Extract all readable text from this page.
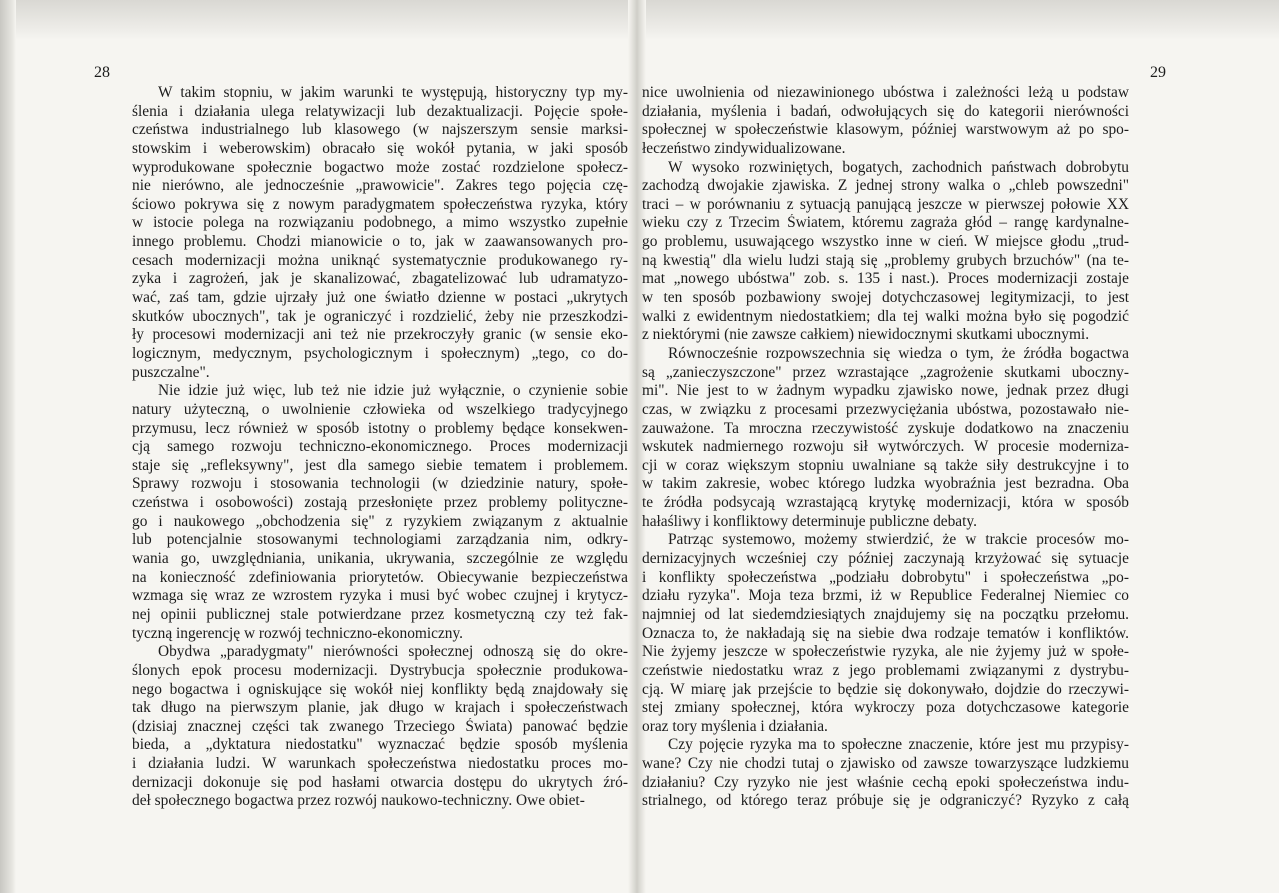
28	29
W takim stopniu, w jakim warunki te występują, historyczny typ my-
ślenia i działania ulega relatywizacji lub dezaktualizacji. Pojęcie społe-
czeństwa industrialnego lub klasowego (w najszerszym sensie marksi-
stowskim i weberowskim) obracało się wokół pytania, w jaki sposób
wyprodukowane społecznie bogactwo może zostać rozdzielone społecz-
nie nierówno, ale jednocześnie „prawowicie". Zakres tego pojęcia czę-
ściowo pokrywa się z nowym paradygmatem społeczeństwa ryzyka, który
w istocie polega na rozwiązaniu podobnego, a mimo wszystko zupełnie
innego problemu. Chodzi mianowicie o to, jak w zaawansowanych pro-
cesach modernizacji można uniknąć systematycznie produkowanego ry-
zyka i zagrożeń, jak je skanalizować, zbagatelizować lub udramatyzo-
wać, zaś tam, gdzie ujrzały już one światło dzienne w postaci „ukrytych
skutków ubocznych", tak je ograniczyć i rozdzielić, żeby nie przeszkodzi-
ły procesowi modernizacji ani też nie przekroczyły granic (w sensie eko-
logicznym, medycznym, psychologicznym i społecznym) „tego, co do-
puszczalne".
Nie idzie już więc, lub też nie idzie już wyłącznie, o czynienie sobie
natury użyteczną, o uwolnienie człowieka od wszelkiego tradycyjnego
przymusu, lecz również w sposób istotny o problemy będące konsekwen-
cją samego rozwoju techniczno-ekonomicznego. Proces modernizacji
staje się „refleksywny", jest dla samego siebie tematem i problemem.
Sprawy rozwoju i stosowania technologii (w dziedzinie natury, społe-
czeństwa i osobowości) zostają przesłonięte przez problemy polityczne-
go i naukowego „obchodzenia się" z ryzykiem związanym z aktualnie
lub potencjalnie stosowanymi technologiami zarządzania nim, odkry-
wania go, uwzględniania, unikania, ukrywania, szczególnie ze względu
na konieczność zdefiniowania priorytetów. Obiecywanie bezpieczeństwa
wzmaga się wraz ze wzrostem ryzyka i musi być wobec czujnej i krytycz-
nej opinii publicznej stale potwierdzane przez kosmetyczną czy też fak-
tyczną ingerencję w rozwój techniczno-ekonomiczny.
Obydwa „paradygmaty" nierówności społecznej odnoszą się do okre-
ślonych epok procesu modernizacji. Dystrybucja społecznie produkowa-
nego bogactwa i ogniskujące się wokół niej konflikty będą znajdowały się
tak długo na pierwszym planie, jak długo w krajach i społeczeństwach
(dzisiaj znacznej części tak zwanego Trzeciego Świata) panować będzie
bieda, a „dyktatura niedostatku" wyznaczać będzie sposób myślenia
i działania ludzi. W warunkach społeczeństwa niedostatku proces mo-
dernizacji dokonuje się pod hasłami otwarcia dostępu do ukrytych źró-
deł społecznego bogactwa przez rozwój naukowo-techniczny. Owe obiet-
nice uwolnienia od niezawinionego ubóstwa i zależności leżą u podstaw
działania, myślenia i badań, odwołujących się do kategorii nierówności
społecznej w społeczeństwie klasowym, później warstwowym aż po spo-
łeczeństwo zindywidualizowane.
W wysoko rozwiniętych, bogatych, zachodnich państwach dobrobytu
zachodzą dwojakie zjawiska. Z jednej strony walka o „chleb powszedni"
traci – w porównaniu z sytuacją panującą jeszcze w pierwszej połowie XX
wieku czy z Trzecim Światem, któremu zagraża głód – rangę kardynalne-
go problemu, usuwającego wszystko inne w cień. W miejsce głodu „trud-
ną kwestią" dla wielu ludzi stają się „problemy grubych brzuchów" (na te-
mat „nowego ubóstwa" zob. s. 135 i nast.). Proces modernizacji zostaje
w ten sposób pozbawiony swojej dotychczasowej legitymizacji, to jest
walki z ewidentnym niedostatkiem; dla tej walki można było się pogodzić
z niektórymi (nie zawsze całkiem) niewidocznymi skutkami ubocznymi.
Równocześnie rozpowszechnia się wiedza o tym, że źródła bogactwa
są „zanieczyszczone" przez wzrastające „zagrożenie skutkami uboczny-
mi". Nie jest to w żadnym wypadku zjawisko nowe, jednak przez długi
czas, w związku z procesami przezwyciężania ubóstwa, pozostawało nie-
zauważone. Ta mroczna rzeczywistość zyskuje dodatkowo na znaczeniu
wskutek nadmiernego rozwoju sił wytwórczych. W procesie moderniza-
cji w coraz większym stopniu uwalniane są także siły destrukcyjne i to
w takim zakresie, wobec którego ludzka wyobraźnia jest bezradna. Oba
te źródła podsycają wzrastającą krytykę modernizacji, która w sposób
hałaśliwy i konfliktowy determinuje publiczne debaty.
Patrząc systemowo, możemy stwierdzić, że w trakcie procesów mo-
dernizacyjnych wcześniej czy później zaczynają krzyżować się sytuacje
i konflikty społeczeństwa „podziału dobrobytu" i społeczeństwa „po-
działu ryzyka". Moja teza brzmi, iż w Republice Federalnej Niemiec co
najmniej od lat siedemdziesiątych znajdujemy się na początku przełomu.
Oznacza to, że nakładają się na siebie dwa rodzaje tematów i konfliktów.
Nie żyjemy jeszcze w społeczeństwie ryzyka, ale nie żyjemy już w społe-
czeństwie niedostatku wraz z jego problemami związanymi z dystrybu-
cją. W miarę jak przejście to będzie się dokonywało, dojdzie do rzeczywi-
stej zmiany społecznej, która wykroczy poza dotychczasowe kategorie
oraz tory myślenia i działania.
Czy pojęcie ryzyka ma to społeczne znaczenie, które jest mu przypisy-
wane? Czy nie chodzi tutaj o zjawisko od zawsze towarzyszące ludzkiemu
działaniu? Czy ryzyko nie jest właśnie cechą epoki społeczeństwa indu-
strialnego, od którego teraz próbuje się je odgraniczyć? Ryzyko z całą
